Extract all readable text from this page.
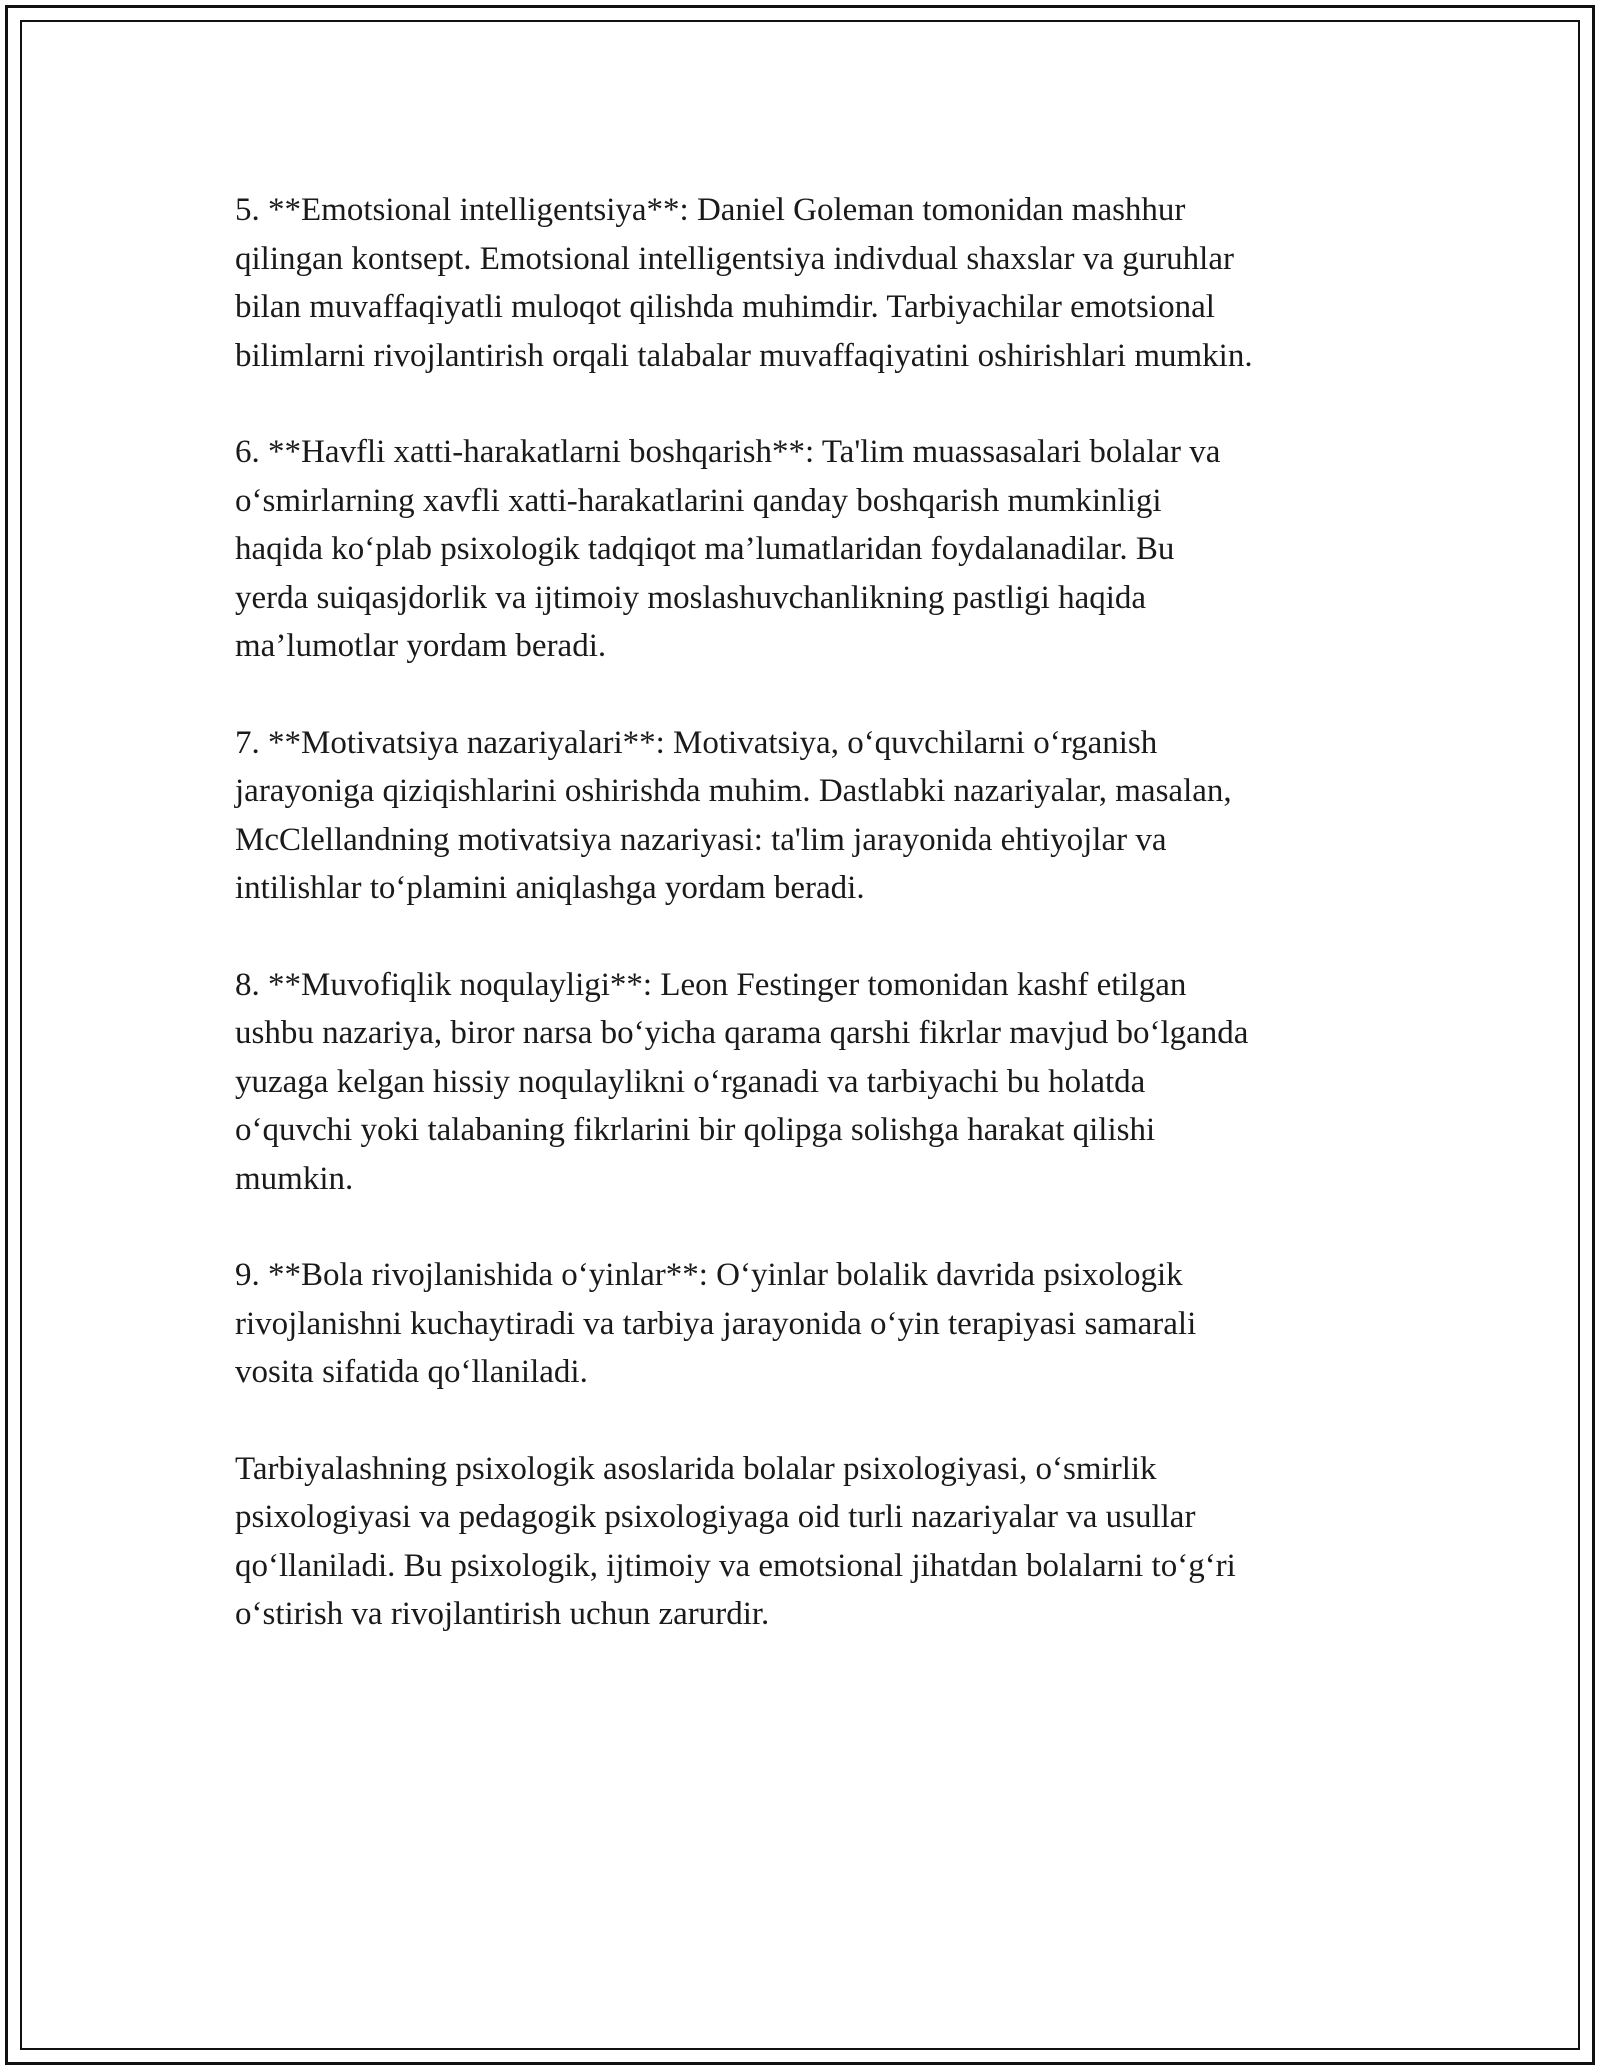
5. **Emotsional intelligentsiya**: Daniel Goleman tomonidan mashhur
qilingan kontsept. Emotsional intelligentsiya indivdual shaxslar va guruhlar
bilan muvaffaqiyatli muloqot qilishda muhimdir. Tarbiyachilar emotsional
bilimlarni rivojlantirish orqali talabalar muvaffaqiyatini oshirishlari mumkin.

6. **Havfli xatti-harakatlarni boshqarish**: Ta'lim muassasalari bolalar va
o‘smirlarning xavfli xatti-harakatlarini qanday boshqarish mumkinligi
haqida ko‘plab psixologik tadqiqot ma’lumatlaridan foydalanadilar. Bu
yerda suiqasjdorlik va ijtimoiy moslashuvchanlikning pastligi haqida
ma’lumotlar yordam beradi.

7. **Motivatsiya nazariyalari**: Motivatsiya, o‘quvchilarni o‘rganish
jarayoniga qiziqishlarini oshirishda muhim. Dastlabki nazariyalar, masalan,
McClellandning motivatsiya nazariyasi: ta'lim jarayonida ehtiyojlar va
intilishlar to‘plamini aniqlashga yordam beradi.

8. **Muvofiqlik noqulayligi**: Leon Festinger tomonidan kashf etilgan
ushbu nazariya, biror narsa bo‘yicha qarama qarshi fikrlar mavjud bo‘lganda
yuzaga kelgan hissiy noqulaylikni o‘rganadi va tarbiyachi bu holatda
o‘quvchi yoki talabaning fikrlarini bir qolipga solishga harakat qilishi
mumkin.

9. **Bola rivojlanishida o‘yinlar**: O‘yinlar bolalik davrida psixologik
rivojlanishni kuchaytiradi va tarbiya jarayonida o‘yin terapiyasi samarali
vosita sifatida qo‘llaniladi.

Tarbiyalashning psixologik asoslarida bolalar psixologiyasi, o‘smirlik
psixologiyasi va pedagogik psixologiyaga oid turli nazariyalar va usullar
qo‘llaniladi. Bu psixologik, ijtimoiy va emotsional jihatdan bolalarni to‘g‘ri
o‘stirish va rivojlantirish uchun zarurdir.
